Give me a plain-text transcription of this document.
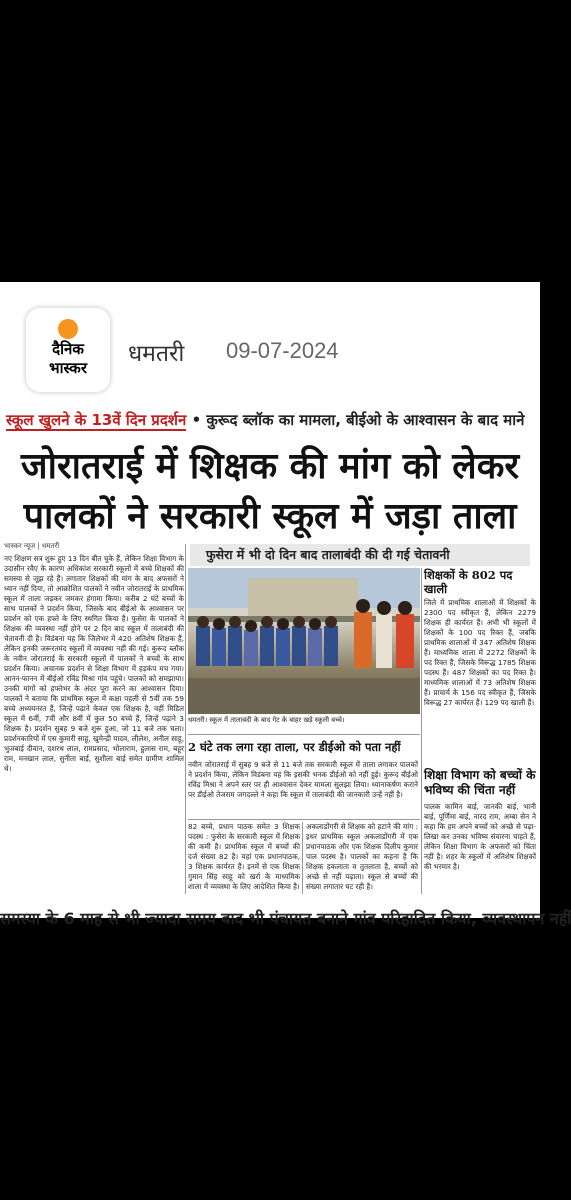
दैनिक
भास्कर
धमतरी 09-07-2024
स्कूल खुलने के 13वें दिन प्रदर्शन • कुरूद ब्लॉक का मामला, बीईओ के आश्वासन के बाद माने
जोरातराई में शिक्षक की मांग को लेकर
पालकों ने सरकारी स्कूल में जड़ा ताला
भास्कर न्यूज | धमतरी
नए शिक्षण सत्र शुरू हुए 13 दिन बीत चुके हैं, लेकिन शिक्षा विभाग के उदासीन रवैए के कारण अधिकांश सरकारी स्कूलों में बच्चे शिक्षकों की समस्या से जूझ रहे हैं। लगातार शिक्षकों की मांग के बाद अफसरों ने ध्यान नहीं दिया, तो आक्रोशित पालकों ने नवीन जोरातराई के प्राथमिक स्कूल में ताला जड़कर जमकर हंगामा किया। करीब 2 घंटे बच्चों के साथ पालकों ने प्रदर्शन किया, जिसके बाद बीईओ के आश्वासन पर प्रदर्शन को एक हफ्ते के लिए स्थगित किया है। फुसेरा के पालकों ने शिक्षक की व्यवस्था नहीं होने पर 2 दिन बाद स्कूल में तालाबंदी की चेतावनी दी है। विडंबना यह कि जिलेभर में 420 अतिशेष शिक्षक हैं, लेकिन इनकी जरूरतमंद स्कूलों में व्यवस्था नहीं की गई। कुरूद ब्लॉक के नवीन जोरातराई के सरकारी स्कूलों में पालकों ने बच्चों के साथ प्रदर्शन किया। अचानक प्रदर्शन से शिक्षा विभाग में हड़कंप मच गया। आनन-फानन में बीईओ रविंद्र मिश्रा गांव पहुंचे। पालकों को समझाया। उनकी मांगों को हफ्तेभर के अंदर पूरा करने का आश्वासन दिया। पालकों ने बताया कि प्राथमिक स्कूल में कक्षा पहली से 5वीं तक 59 बच्चे अध्ययनरत हैं, जिन्हें पढ़ाने केवल एक शिक्षक है, वहीं मिडिल स्कूल में 6वीं, 7वीं और 8वीं में कुल 50 बच्चे हैं, जिन्हें पढ़ाने 3 शिक्षक है। प्रदर्शन सुबह 9 बजे शुरू हुआ, जो 11 बजे तक चला। प्रदर्शनकारियों में एस कुमारी साहू, खुमेन्द्री यादव, लीलेश, अनील साहू, भुजबाई दीवान, दशरथ लाल, रामप्रसाद, भोलाराम, हुलास राम, बहूर राम, मनखान लाल, सुनीता बाई, सुशीला बाई समेत ग्रामीण शामिल थे।
फुसेरा में भी दो दिन बाद तालाबंदी की दी गई चेतावनी
धमतरी। स्कूल में तालाबंदी के बाद गेट के बाहर खड़े स्कूली बच्चे।
2 घंटे तक लगा रहा ताला, पर डीईओ को पता नहीं
नवीन जोरातराई में सुबह 9 बजे से 11 बजे तक सरकारी स्कूल में ताला लगाकर पालकों ने प्रदर्शन किया, लेकिन विडंबना यह कि इसकी भनक डीईओ को नहीं हुई। कुरूद बीईओ रविंद्र मिश्रा ने अपने स्तर पर ही आश्वासन देकर मामला सुलझा लिया। ध्यानाकर्षण कराने पर डीईओ तेजराम जगदल्ले ने कहा कि स्कूल में तालाबंदी की जानकारी उन्हें नहीं है।
82 बच्चे, प्रधान पाठक समेत 3 शिक्षक पदस्थ : फुसेरा के सरकारी स्कूल में शिक्षक की कमी है। प्राथमिक स्कूल में बच्चों की दर्ज संख्या 82 है। यहां एक प्रधानपाठक, 3 शिक्षक कार्यरत हैं। इनमें से एक शिक्षक गुमान सिंह साहू को खर्रा के माध्यमिक शाला में व्यवस्था के लिए आदेशित किया है।
अकलाडोंगरी से शिक्षक को हटाने की मांग : इधर प्राथमिक स्कूल अकलाडोंगरी में एक प्रधानपाठक और एक शिक्षक दिलीप कुमार पाल पदस्थ है। पालकों का कहना है कि शिक्षक हकलाता व तुतलाता है, बच्चों को अच्छे से नहीं पढ़ाता। स्कूल से बच्चों की संख्या लगातार घट रही है।
शिक्षकों के 802 पद खाली
जिले में प्राथमिक शालाओं में शिक्षकों के 2300 पद स्वीकृत हैं, लेकिन 2279 शिक्षक ही कार्यरत हैं। अभी भी स्कूलों में शिक्षकों के 100 पद रिक्त हैं, जबकि प्राथमिक शालाओं में 347 अतिशेष शिक्षक हैं। माध्यमिक शाला में 2272 शिक्षकों के पद रिक्त हैं, जिसके विरूद्ध 1785 शिक्षक पदस्थ हैं। 487 शिक्षकों का पद रिक्त है। माध्यमिक शालाओं में 73 अतिशेष शिक्षक हैं। प्राचार्य के 156 पद स्वीकृत हैं, जिसके विरूद्ध 27 कार्यरत हैं। 129 पद खाली हैं।
शिक्षा विभाग को बच्चों के भविष्य की चिंता नहीं
पालक कामिन बाई, जानकी बाई, भानी बाई, पूर्णिमा बाई, नारद राम, अम्बा सेन ने कहा कि हम अपने बच्चों को अच्छे से पढ़ा-लिखा कर उनका भविष्य संवारना चाहते हैं, लेकिन शिक्षा विभाग के अफसरों को चिंता नहीं है। शहर के स्कूलों में अतिशेष शिक्षकों की भरमार है।
समस्या के 6 माह से भी ज्यादा समय बाद भी पंचायत बनाने गांव परिहादित किया, व्यवस्थापन नहीं
